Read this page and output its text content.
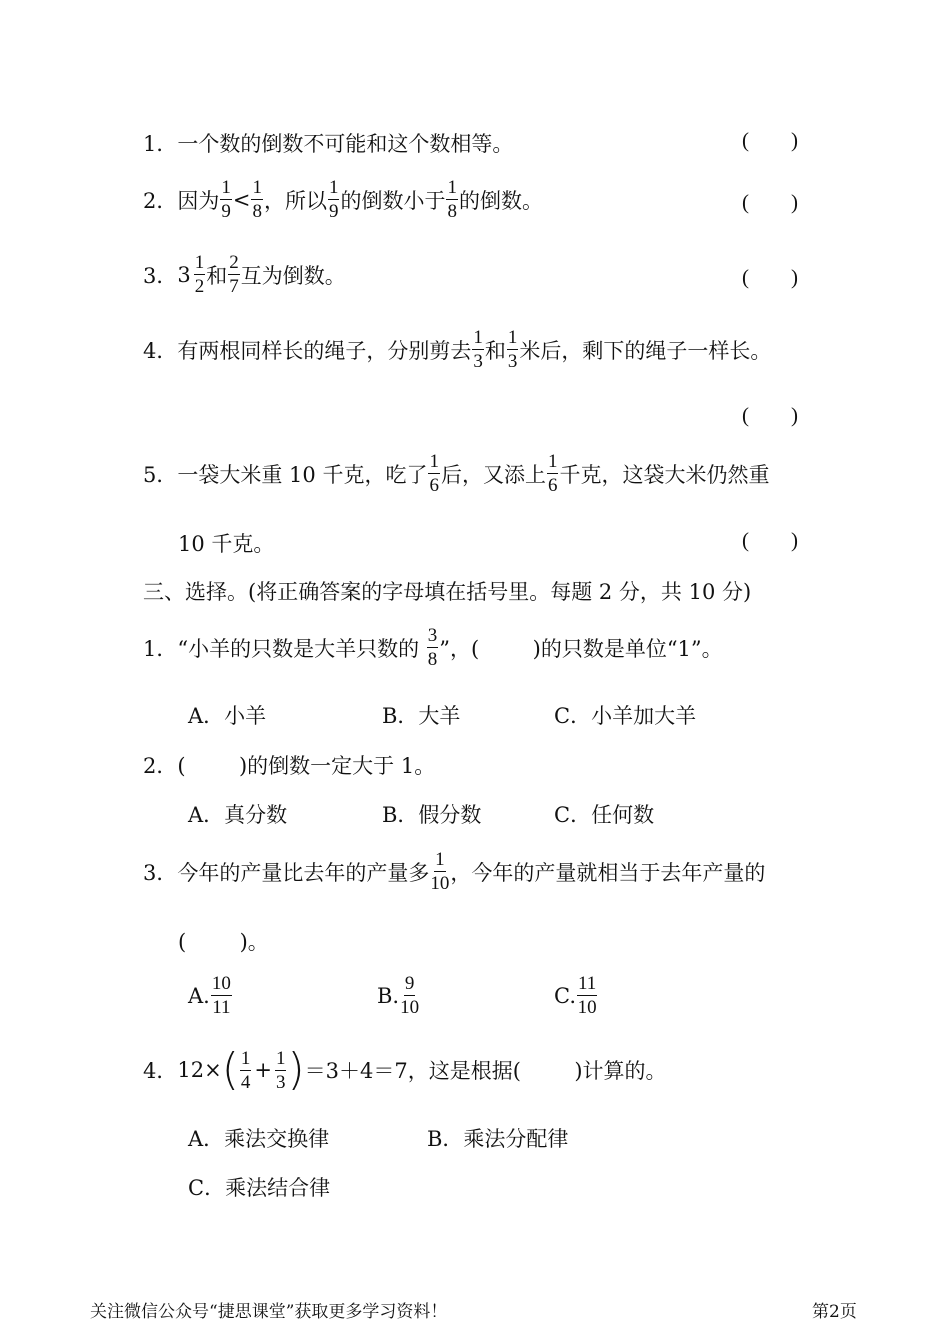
1． 一个数的倒数不可能和这个数相等。	(        )
2． 因为 $\frac{1}{9} < \frac{1}{8}$ ，所以 $\frac{1}{9}$ 的倒数小于 $\frac{1}{8}$ 的倒数。	(        )
3． $3 \frac{1}{2}$ 和 $\frac{2}{7}$ 互为倒数。	(        )
4． 有两根同样长的绳子，分别剪去 $\frac{1}{3}$ 和 $\frac{1}{3}$ 米后，剩下的绳子一样长。
(        )
5． 一袋大米重 10 千克，吃了 $\frac{1}{6}$ 后，又添上 $\frac{1}{6}$ 千克，这袋大米仍然重
10 千克。	(        )
三、选择。(将正确答案的字母填在括号里。每题 2 分，共 10 分)
1． “小羊的只数是大羊只数的 $\frac{3}{8}$ ”，(        )的只数是单位“1”。
A．小羊	B．大羊	C．小羊加大羊
2． (        )的倒数一定大于 1。
A．真分数	B．假分数	C．任何数
3． 今年的产量比去年的产量多 $\frac{1}{10}$ ，今年的产量就相当于去年产量的
(        )。
A. $\frac{10}{11}$	B. $\frac{9}{10}$	C. $\frac{11}{10}$
4． 12× ( $\frac{1}{4} + \frac{1}{3}$ ) ＝3＋4＝7，这是根据(        )计算的。
A．乘法交换律	B．乘法分配律
C．乘法结合律
关注微信公众号“捷思课堂”获取更多学习资料！	第2页
